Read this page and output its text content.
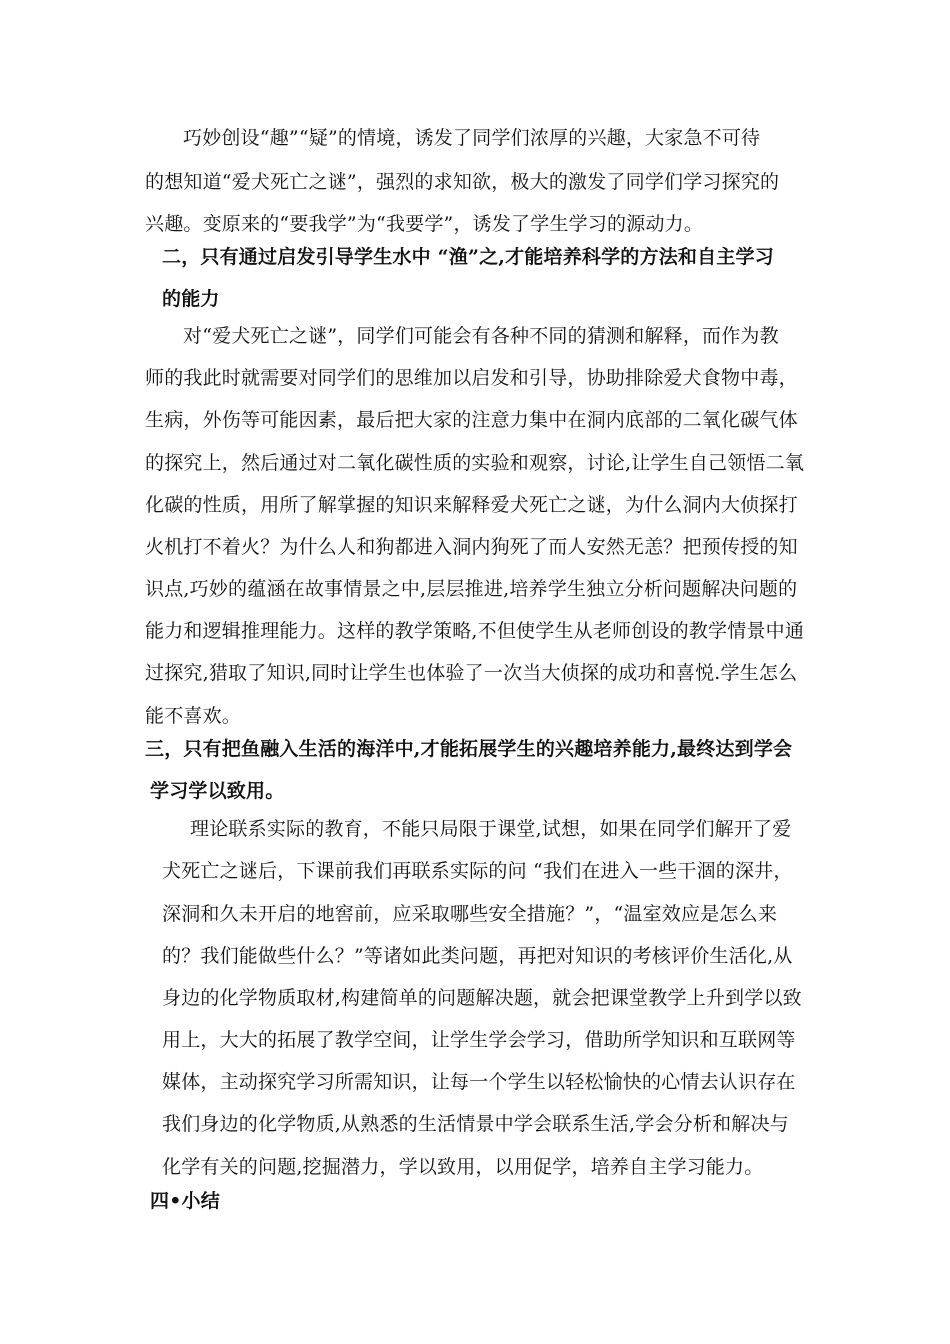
巧妙创设“趣”“疑”的情境，诱发了同学们浓厚的兴趣，大家急不可待
的想知道“爱犬死亡之谜”，强烈的求知欲，极大的激发了同学们学习探究的
兴趣。变原来的“要我学”为“我要学”，诱发了学生学习的源动力。
二，只有通过启发引导学生水中 “渔”之,才能培养科学的方法和自主学习
的能力
对“爱犬死亡之谜”，同学们可能会有各种不同的猜测和解释，而作为教
师的我此时就需要对同学们的思维加以启发和引导，协助排除爱犬食物中毒，
生病，外伤等可能因素，最后把大家的注意力集中在洞内底部的二氧化碳气体
的探究上，然后通过对二氧化碳性质的实验和观察，讨论,让学生自己领悟二氧
化碳的性质，用所了解掌握的知识来解释爱犬死亡之谜，为什么洞内大侦探打
火机打不着火？为什么人和狗都进入洞内狗死了而人安然无恙？把预传授的知
识点,巧妙的蕴涵在故事情景之中,层层推进,培养学生独立分析问题解决问题的
能力和逻辑推理能力。这样的教学策略,不但使学生从老师创设的教学情景中通
过探究,猎取了知识,同时让学生也体验了一次当大侦探的成功和喜悦.学生怎么
能不喜欢。
三，只有把鱼融入生活的海洋中,才能拓展学生的兴趣培养能力,最终达到学会
学习学以致用。
理论联系实际的教育，不能只局限于课堂,试想，如果在同学们解开了爱
犬死亡之谜后，下课前我们再联系实际的问 “我们在进入一些干涸的深井，
深洞和久未开启的地窖前，应采取哪些安全措施？”，“温室效应是怎么来
的？我们能做些什么？”等诸如此类问题，再把对知识的考核评价生活化,从
身边的化学物质取材,构建简单的问题解决题，就会把课堂教学上升到学以致
用上，大大的拓展了教学空间，让学生学会学习，借助所学知识和互联网等
媒体，主动探究学习所需知识，让每一个学生以轻松愉快的心情去认识存在
我们身边的化学物质,从熟悉的生活情景中学会联系生活,学会分析和解决与
化学有关的问题,挖掘潜力，学以致用，以用促学，培养自主学习能力。
四•小结
